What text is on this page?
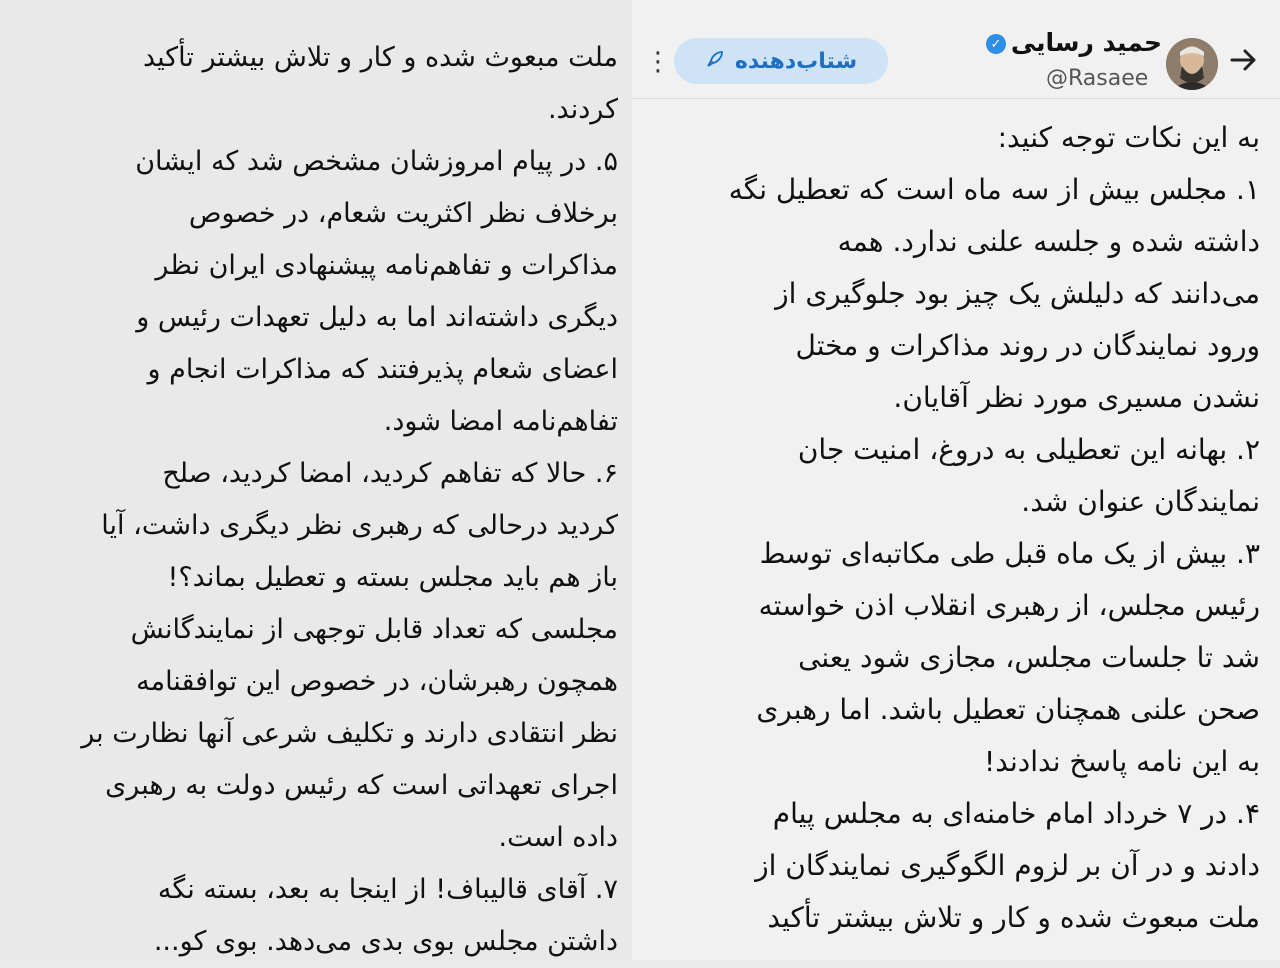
ملت مبعوث شده و کار و تلاش بیشتر تأکید
کردند.
۵. در پیام امروزشان مشخص شد که ایشان
برخلاف نظر اکثریت شعام، در خصوص
مذاکرات و تفاهم‌نامه پیشنهادی ایران نظر
دیگری داشته‌اند اما به دلیل تعهدات رئیس و
اعضای شعام پذیرفتند که مذاکرات انجام و
تفاهم‌نامه امضا شود.
۶. حالا که تفاهم کردید، امضا کردید، صلح
کردید درحالی که رهبری نظر دیگری داشت، آیا
باز هم باید مجلس بسته و تعطیل بماند؟!
مجلسی که تعداد قابل توجهی از نمایندگانش
همچون رهبرشان، در خصوص این توافقنامه
نظر انتقادی دارند و تکلیف شرعی آنها نظارت بر
اجرای تعهداتی است که رئیس دولت به رهبری
داده است.
۷. آقای قالیباف! از اینجا به بعد، بسته نگه
داشتن مجلس بوی بدی می‌دهد. بوی کو...
حمید رسایی
✓
@Rasaee
شتاب‌دهنده
⋮
به این نکات توجه کنید:
۱. مجلس بیش از سه ماه است که تعطیل نگه
داشته شده و جلسه علنی ندارد. همه
می‌دانند که دلیلش یک چیز بود جلوگیری از
ورود نمایندگان در روند مذاکرات و مختل
نشدن مسیری مورد نظر آقایان.
۲. بهانه این تعطیلی به دروغ، امنیت جان
نمایندگان عنوان شد.
۳. بیش از یک ماه قبل طی مکاتبه‌ای توسط
رئیس مجلس، از رهبری انقلاب اذن خواسته
شد تا جلسات مجلس، مجازی شود یعنی
صحن علنی همچنان تعطیل باشد. اما رهبری
به این نامه پاسخ ندادند!
۴. در ۷ خرداد امام خامنه‌ای به مجلس پیام
دادند و در آن بر لزوم الگوگیری نمایندگان از
ملت مبعوث شده و کار و تلاش بیشتر تأکید
